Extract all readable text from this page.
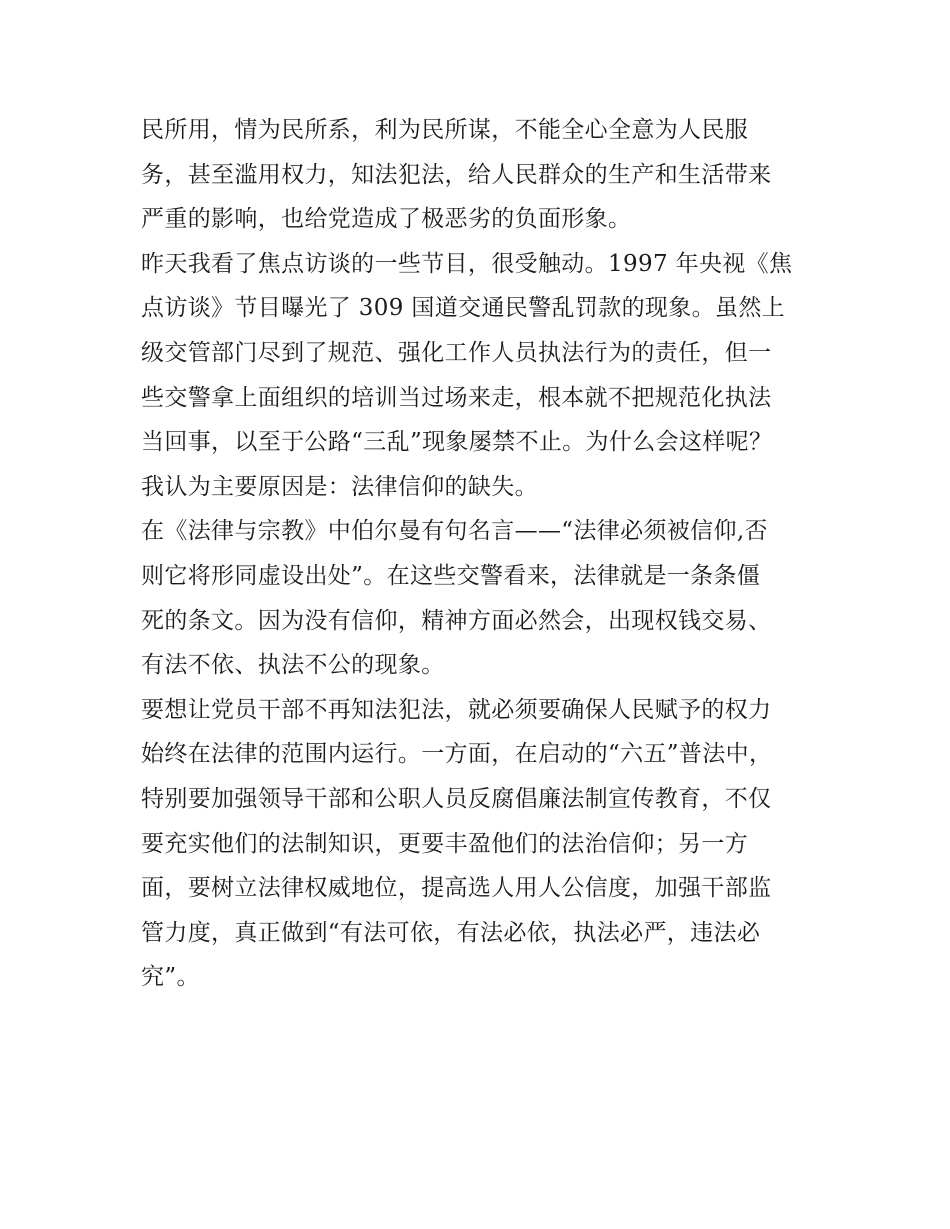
民所用，情为民所系，利为民所谋，不能全心全意为人民服
务，甚至滥用权力，知法犯法，给人民群众的生产和生活带来
严重的影响，也给党造成了极恶劣的负面形象。
昨天我看了焦点访谈的一些节目，很受触动。1997 年央视《焦
点访谈》节目曝光了 309 国道交通民警乱罚款的现象。虽然上
级交管部门尽到了规范、强化工作人员执法行为的责任，但一
些交警拿上面组织的培训当过场来走，根本就不把规范化执法
当回事，以至于公路“三乱”现象屡禁不止。为什么会这样呢？
我认为主要原因是：法律信仰的缺失。
在《法律与宗教》中伯尔曼有句名言——“法律必须被信仰,否
则它将形同虚设出处”。在这些交警看来，法律就是一条条僵
死的条文。因为没有信仰，精神方面必然会，出现权钱交易、
有法不依、执法不公的现象。
要想让党员干部不再知法犯法，就必须要确保人民赋予的权力
始终在法律的范围内运行。一方面，在启动的“六五”普法中，
特别要加强领导干部和公职人员反腐倡廉法制宣传教育，不仅
要充实他们的法制知识，更要丰盈他们的法治信仰；另一方
面，要树立法律权威地位，提高选人用人公信度，加强干部监
管力度，真正做到“有法可依，有法必依，执法必严，违法必
究”。
